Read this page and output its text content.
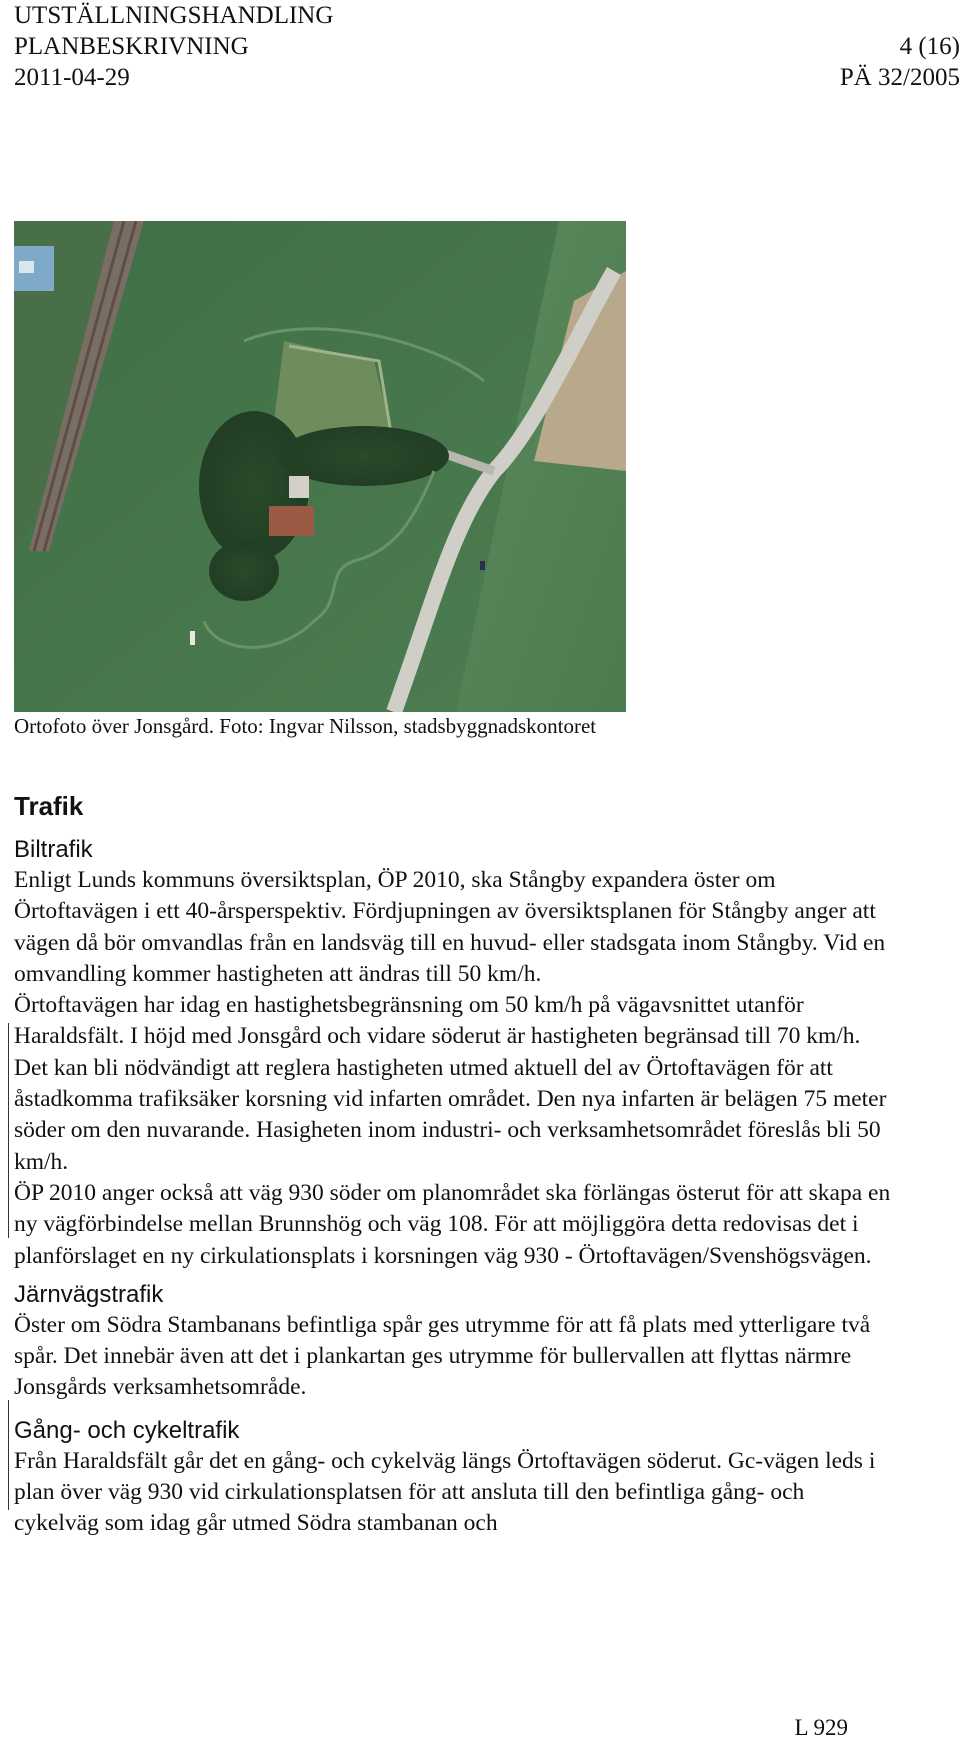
UTSTÄLLNINGSHANDLING
PLANBESKRIVNING	4 (16)
2011-04-29	PÄ 32/2005
Ortofoto över Jonsgård. Foto: Ingvar Nilsson, stadsbyggnadskontoret
Trafik
Biltrafik

Enligt Lunds kommuns översiktsplan, ÖP 2010, ska Stångby expandera öster om Örtoftavägen i ett 40-årsperspektiv. Fördjupningen av översiktsplanen för Stångby anger att vägen då bör omvandlas från en landsväg till en huvud- eller stadsgata inom Stångby. Vid en omvandling kommer hastigheten att ändras till 50 km/h.

Örtoftavägen har idag en hastighetsbegränsning om 50 km/h på vägavsnittet utanför Haraldsfält. I höjd med Jonsgård och vidare söderut är hastigheten begränsad till 70 km/h. Det kan bli nödvändigt att reglera hastigheten utmed aktuell del av Örtoftavägen för att åstadkomma trafiksäker korsning vid infarten området. Den nya infarten är belägen 75 meter söder om den nuvarande. Hasigheten inom industri- och verksamhetsområdet föreslås bli 50 km/h.

ÖP 2010 anger också att väg 930 söder om planområdet ska förlängas österut för att skapa en ny vägförbindelse mellan Brunnshög och väg 108. För att möjliggöra detta redovisas det i planförslaget en ny cirkulationsplats i korsningen väg 930 - Örtoftavägen/Svenshögsvägen.

Järnvägstrafik

Öster om Södra Stambanans befintliga spår ges utrymme för att få plats med ytterligare två spår. Det innebär även att det i plankartan ges utrymme för bullervallen att flyttas närmre Jonsgårds verksamhetsområde.

Gång- och cykeltrafik

Från Haraldsfält går det en gång- och cykelväg längs Örtoftavägen söderut. Gc-vägen leds i plan över väg 930 vid cirkulationsplatsen för att ansluta till den befintliga gång- och cykelväg som idag går utmed Södra stambanan och

L 929
